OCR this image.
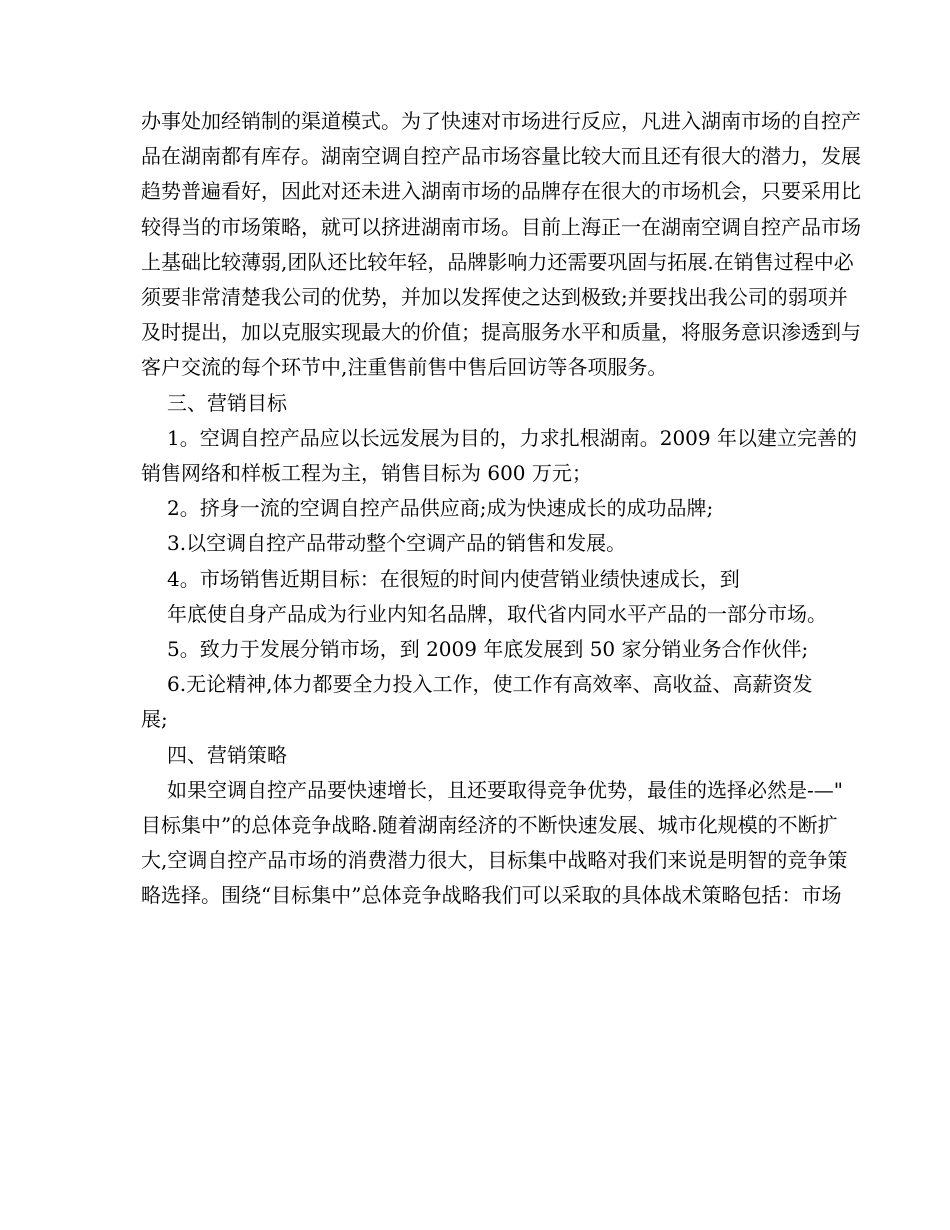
办事处加经销制的渠道模式。为了快速对市场进行反应，凡进入湖南市场的自控产

品在湖南都有库存。湖南空调自控产品市场容量比较大而且还有很大的潜力，发展

趋势普遍看好，因此对还未进入湖南市场的品牌存在很大的市场机会，只要采用比

较得当的市场策略，就可以挤进湖南市场。目前上海正一在湖南空调自控产品市场

上基础比较薄弱,团队还比较年轻，品牌影响力还需要巩固与拓展.在销售过程中必

须要非常清楚我公司的优势，并加以发挥使之达到极致;并要找出我公司的弱项并

及时提出，加以克服实现最大的价值；提高服务水平和质量，将服务意识渗透到与

客户交流的每个环节中,注重售前售中售后回访等各项服务。

三、营销目标

1。空调自控产品应以长远发展为目的，力求扎根湖南。2009 年以建立完善的

销售网络和样板工程为主，销售目标为 600 万元；

2。挤身一流的空调自控产品供应商;成为快速成长的成功品牌;

3.以空调自控产品带动整个空调产品的销售和发展。

4。市场销售近期目标：在很短的时间内使营销业绩快速成长，到

年底使自身产品成为行业内知名品牌，取代省内同水平产品的一部分市场。

5。致力于发展分销市场，到 2009 年底发展到 50 家分销业务合作伙伴;

6.无论精神,体力都要全力投入工作，使工作有高效率、高收益、高薪资发

展;

四、营销策略

如果空调自控产品要快速增长，且还要取得竞争优势，最佳的选择必然是-—"

目标集中”的总体竞争战略.随着湖南经济的不断快速发展、城市化规模的不断扩

大,空调自控产品市场的消费潜力很大，目标集中战略对我们来说是明智的竞争策

略选择。围绕“目标集中”总体竞争战略我们可以采取的具体战术策略包括：市场
